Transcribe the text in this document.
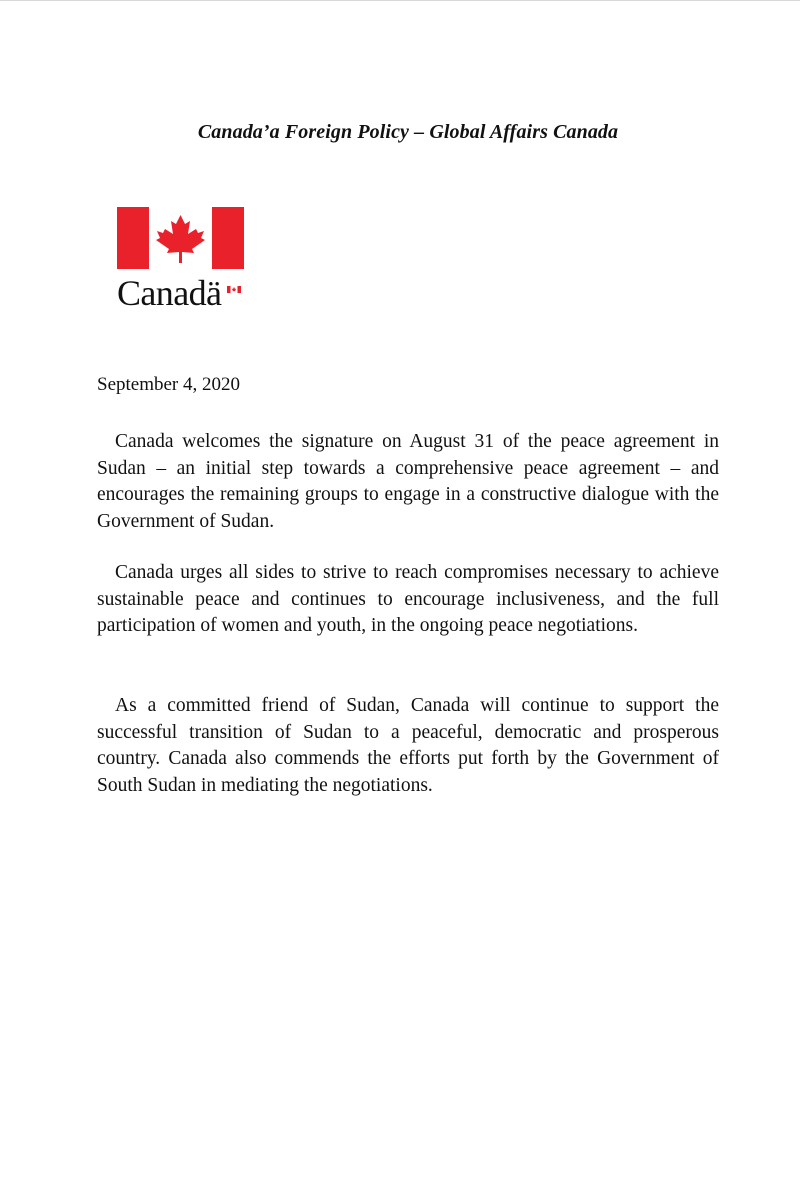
Canada’a Foreign Policy – Global Affairs Canada
Canadä
September 4, 2020
Canada welcomes the signature on August 31 of the peace agreement in Sudan – an initial step towards a comprehensive peace agreement – and encourages the remaining groups to engage in a constructive dialogue with the Government of Sudan.
Canada urges all sides to strive to reach compromises necessary to achieve sustainable peace and continues to encourage inclusiveness, and the full participation of women and youth, in the ongoing peace negotiations.
As a committed friend of Sudan, Canada will continue to support the successful transition of Sudan to a peaceful, democratic and prosperous country. Canada also commends the efforts put forth by the Government of South Sudan in mediating the negotiations.
